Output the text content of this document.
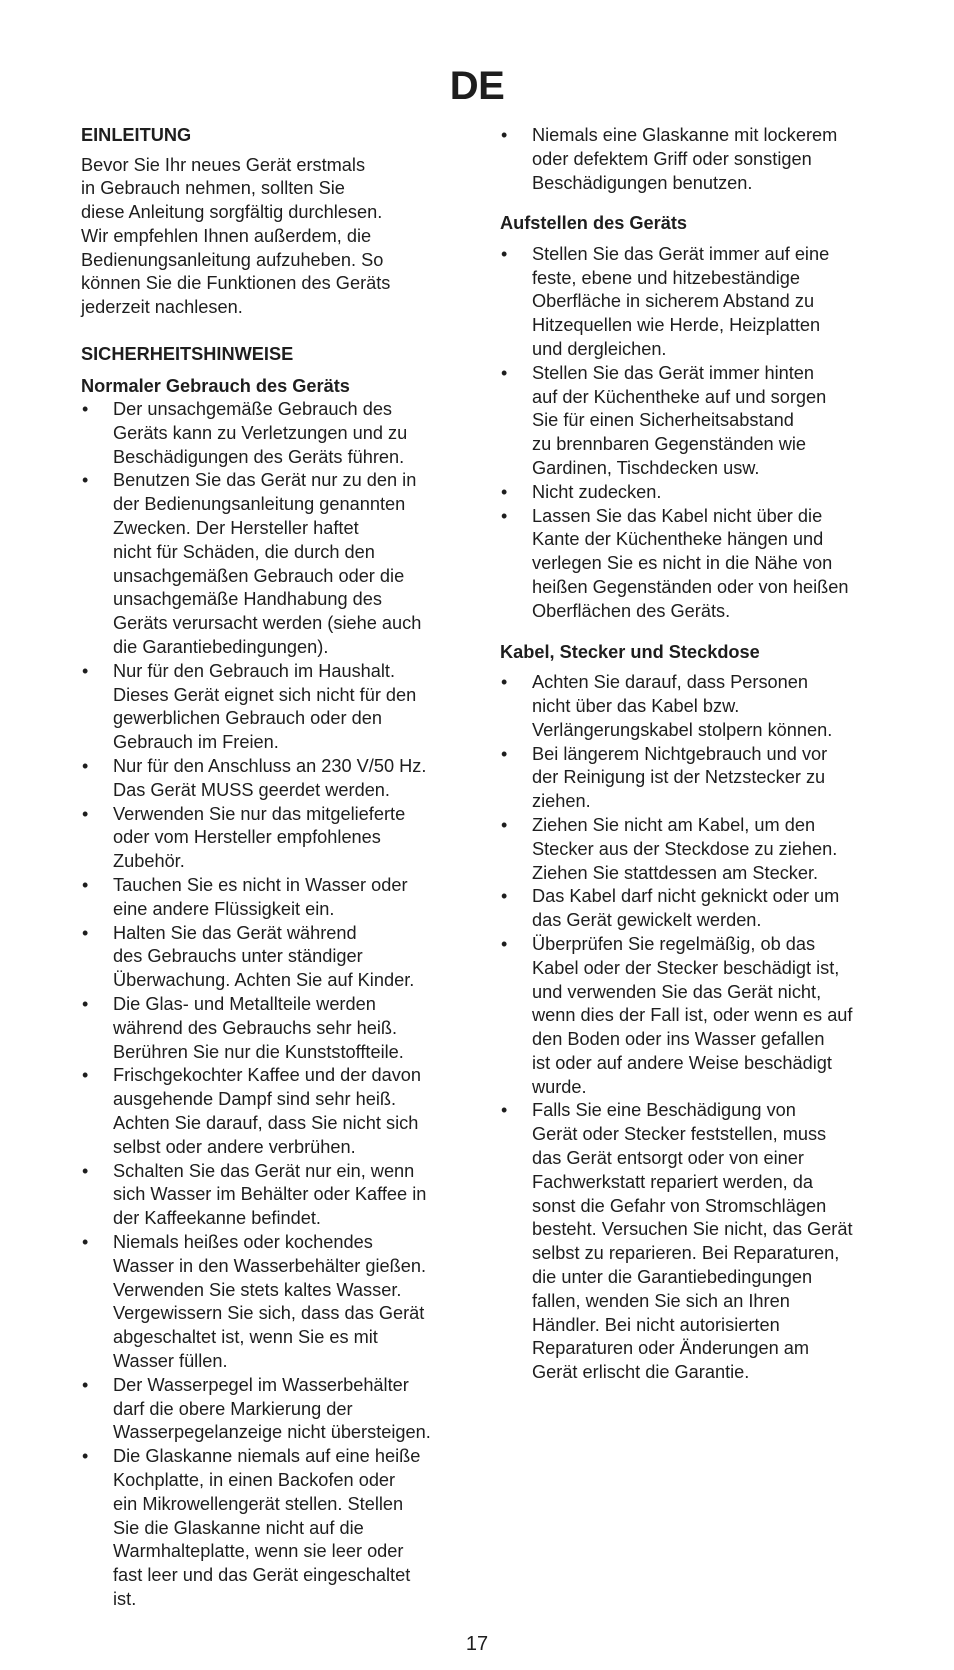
DE
EINLEITUNG
Bevor Sie Ihr neues Gerät erstmals
in Gebrauch nehmen, sollten Sie
diese Anleitung sorgfältig durchlesen.
Wir empfehlen Ihnen außerdem, die
Bedienungsanleitung aufzuheben. So
können Sie die Funktionen des Geräts
jederzeit nachlesen.
SICHERHEITSHINWEISE
Normaler Gebrauch des Geräts
• Der unsachgemäße Gebrauch des
Geräts kann zu Verletzungen und zu
Beschädigungen des Geräts führen.
• Benutzen Sie das Gerät nur zu den in
der Bedienungsanleitung genannten
Zwecken. Der Hersteller haftet
nicht für Schäden, die durch den
unsachgemäßen Gebrauch oder die
unsachgemäße Handhabung des
Geräts verursacht werden (siehe auch
die Garantiebedingungen).
• Nur für den Gebrauch im Haushalt.
Dieses Gerät eignet sich nicht für den
gewerblichen Gebrauch oder den
Gebrauch im Freien.
• Nur für den Anschluss an 230 V/50 Hz.
Das Gerät MUSS geerdet werden.
• Verwenden Sie nur das mitgelieferte
oder vom Hersteller empfohlenes
Zubehör.
• Tauchen Sie es nicht in Wasser oder
eine andere Flüssigkeit ein.
• Halten Sie das Gerät während
des Gebrauchs unter ständiger
Überwachung. Achten Sie auf Kinder.
• Die Glas- und Metallteile werden
während des Gebrauchs sehr heiß.
Berühren Sie nur die Kunststoffteile.
• Frischgekochter Kaffee und der davon
ausgehende Dampf sind sehr heiß.
Achten Sie darauf, dass Sie nicht sich
selbst oder andere verbrühen.
• Schalten Sie das Gerät nur ein, wenn
sich Wasser im Behälter oder Kaffee in
der Kaffeekanne befindet.
• Niemals heißes oder kochendes
Wasser in den Wasserbehälter gießen.
Verwenden Sie stets kaltes Wasser.
Vergewissern Sie sich, dass das Gerät
abgeschaltet ist, wenn Sie es mit
Wasser füllen.
• Der Wasserpegel im Wasserbehälter
darf die obere Markierung der
Wasserpegelanzeige nicht übersteigen.
• Die Glaskanne niemals auf eine heiße
Kochplatte, in einen Backofen oder
ein Mikrowellengerät stellen. Stellen
Sie die Glaskanne nicht auf die
Warmhalteplatte, wenn sie leer oder
fast leer und das Gerät eingeschaltet
ist.
• Niemals eine Glaskanne mit lockerem
oder defektem Griff oder sonstigen
Beschädigungen benutzen.
Aufstellen des Geräts
• Stellen Sie das Gerät immer auf eine
feste, ebene und hitzebeständige
Oberfläche in sicherem Abstand zu
Hitzequellen wie Herde, Heizplatten
und dergleichen.
• Stellen Sie das Gerät immer hinten
auf der Küchentheke auf und sorgen
Sie für einen Sicherheitsabstand
zu brennbaren Gegenständen wie
Gardinen, Tischdecken usw.
• Nicht zudecken.
• Lassen Sie das Kabel nicht über die
Kante der Küchentheke hängen und
verlegen Sie es nicht in die Nähe von
heißen Gegenständen oder von heißen
Oberflächen des Geräts.
Kabel, Stecker und Steckdose
• Achten Sie darauf, dass Personen
nicht über das Kabel bzw.
Verlängerungskabel stolpern können.
• Bei längerem Nichtgebrauch und vor
der Reinigung ist der Netzstecker zu
ziehen.
• Ziehen Sie nicht am Kabel, um den
Stecker aus der Steckdose zu ziehen.
Ziehen Sie stattdessen am Stecker.
• Das Kabel darf nicht geknickt oder um
das Gerät gewickelt werden.
• Überprüfen Sie regelmäßig, ob das
Kabel oder der Stecker beschädigt ist,
und verwenden Sie das Gerät nicht,
wenn dies der Fall ist, oder wenn es auf
den Boden oder ins Wasser gefallen
ist oder auf andere Weise beschädigt
wurde.
• Falls Sie eine Beschädigung von
Gerät oder Stecker feststellen, muss
das Gerät entsorgt oder von einer
Fachwerkstatt repariert werden, da
sonst die Gefahr von Stromschlägen
besteht. Versuchen Sie nicht, das Gerät
selbst zu reparieren. Bei Reparaturen,
die unter die Garantiebedingungen
fallen, wenden Sie sich an Ihren
Händler. Bei nicht autorisierten
Reparaturen oder Änderungen am
Gerät erlischt die Garantie.
17
